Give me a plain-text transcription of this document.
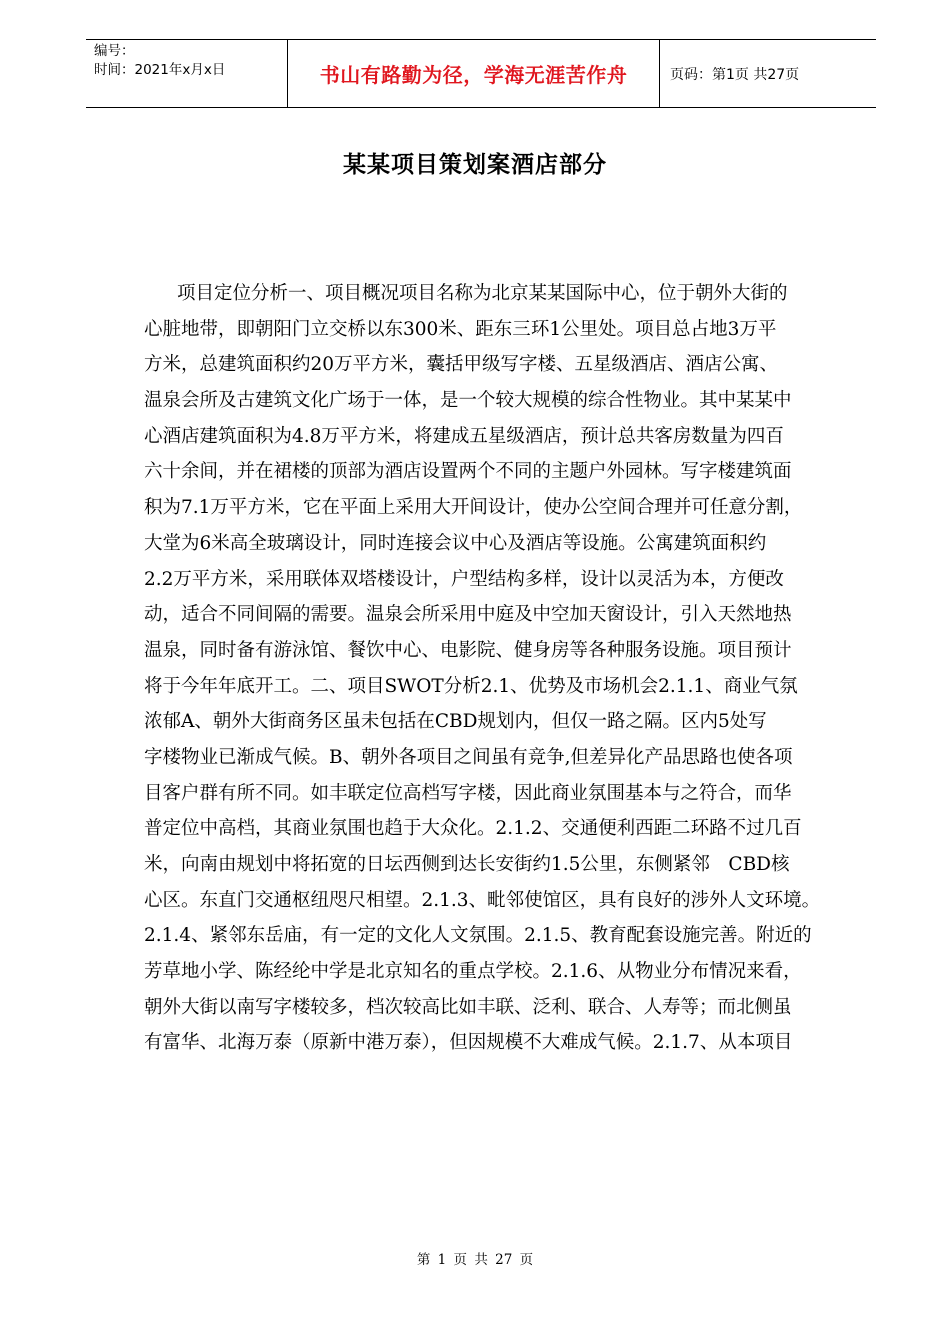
编号：
时间：2021年x月x日	书山有路勤为径，学海无涯苦作舟	页码：第1页 共27页
某某项目策划案酒店部分
项目定位分析一、项目概况项目名称为北京某某国际中心，位于朝外大街的
心脏地带，即朝阳门立交桥以东300米、距东三环1公里处。项目总占地3万平
方米，总建筑面积约20万平方米，囊括甲级写字楼、五星级酒店、酒店公寓、
温泉会所及古建筑文化广场于一体，是一个较大规模的综合性物业。其中某某中
心酒店建筑面积为4.8万平方米，将建成五星级酒店，预计总共客房数量为四百
六十余间，并在裙楼的顶部为酒店设置两个不同的主题户外园林。写字楼建筑面
积为7.1万平方米，它在平面上采用大开间设计，使办公空间合理并可任意分割，
大堂为6米高全玻璃设计，同时连接会议中心及酒店等设施。公寓建筑面积约
2.2万平方米，采用联体双塔楼设计，户型结构多样，设计以灵活为本，方便改
动，适合不同间隔的需要。温泉会所采用中庭及中空加天窗设计，引入天然地热
温泉，同时备有游泳馆、餐饮中心、电影院、健身房等各种服务设施。项目预计
将于今年年底开工。二、项目SWOT分析2.1、优势及市场机会2.1.1、商业气氛
浓郁A、朝外大街商务区虽未包括在CBD规划内，但仅一路之隔。区内5处写
字楼物业已渐成气候。B、朝外各项目之间虽有竞争,但差异化产品思路也使各项
目客户群有所不同。如丰联定位高档写字楼，因此商业氛围基本与之符合，而华
普定位中高档，其商业氛围也趋于大众化。2.1.2、交通便利西距二环路不过几百
米，向南由规划中将拓宽的日坛西侧到达长安街约1.5公里，东侧紧邻　CBD核
心区。东直门交通枢纽咫尺相望。2.1.3、毗邻使馆区，具有良好的涉外人文环境。
2.1.4、紧邻东岳庙，有一定的文化人文氛围。2.1.5、教育配套设施完善。附近的
芳草地小学、陈经纶中学是北京知名的重点学校。2.1.6、从物业分布情况来看，
朝外大街以南写字楼较多，档次较高比如丰联、泛利、联合、人寿等；而北侧虽
有富华、北海万泰（原新中港万泰），但因规模不大难成气候。2.1.7、从本项目
第 1 页 共 27 页
